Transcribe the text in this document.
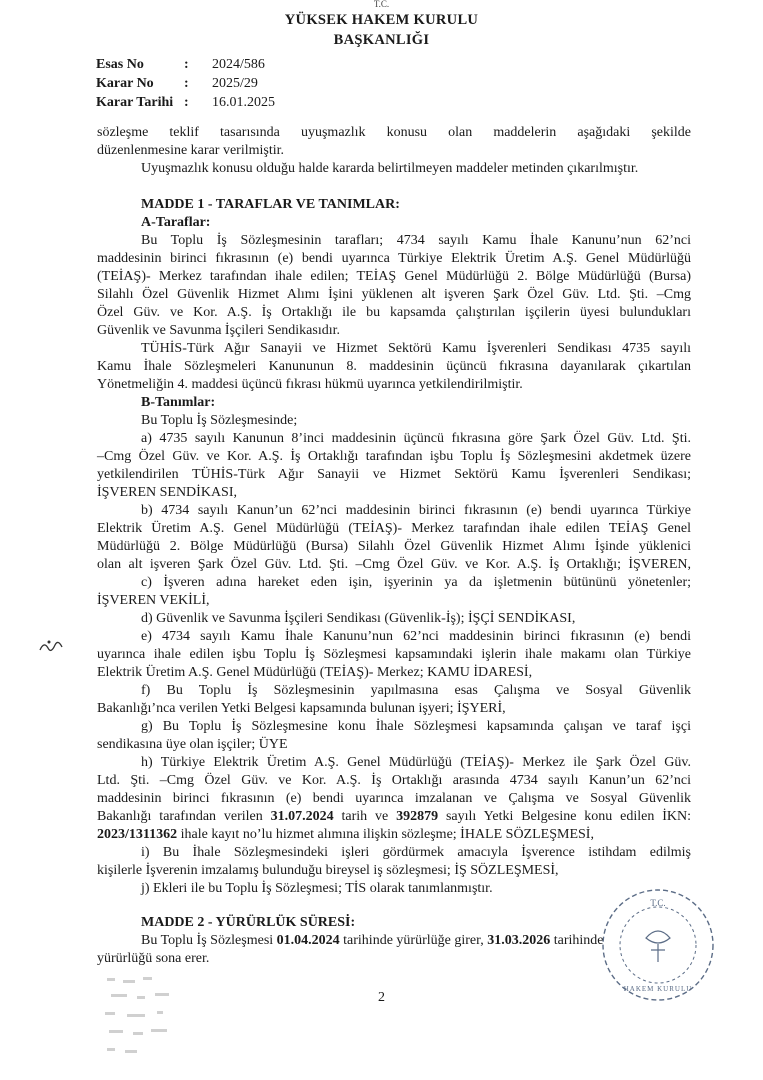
T.C.
YÜKSEK HAKEM KURULU
BAŞKANLIĞI
Esas No	: 2024/586
Karar No : 2025/29
Karar Tarihi : 16.01.2025
sözleşme teklif tasarısında uyuşmazlık konusu olan maddelerin aşağıdaki şekilde
düzenlenmesine karar verilmiştir.
Uyuşmazlık konusu olduğu halde kararda belirtilmeyen maddeler metinden çıkarılmıştır.
MADDE 1 - TARAFLAR VE TANIMLAR:
A-Taraflar:
Bu Toplu İş Sözleşmesinin tarafları; 4734 sayılı Kamu İhale Kanunu’nun 62’nci
maddesinin birinci fıkrasının (e) bendi uyarınca Türkiye Elektrik Üretim A.Ş. Genel Müdürlüğü
(TEİAŞ)- Merkez tarafından ihale edilen; TEİAŞ Genel Müdürlüğü 2. Bölge Müdürlüğü (Bursa)
Silahlı Özel Güvenlik Hizmet Alımı İşini yüklenen alt işveren Şark Özel Güv. Ltd. Şti. –Cmg
Özel Güv. ve Kor. A.Ş. İş Ortaklığı ile bu kapsamda çalıştırılan işçilerin üyesi bulundukları
Güvenlik ve Savunma İşçileri Sendikasıdır.
TÜHİS-Türk Ağır Sanayii ve Hizmet Sektörü Kamu İşverenleri Sendikası 4735 sayılı
Kamu İhale Sözleşmeleri Kanununun 8. maddesinin üçüncü fıkrasına dayanılarak çıkartılan
Yönetmeliğin 4. maddesi üçüncü fıkrası hükmü uyarınca yetkilendirilmiştir.
B-Tanımlar:
Bu Toplu İş Sözleşmesinde;
a) 4735 sayılı Kanunun 8’inci maddesinin üçüncü fıkrasına göre Şark Özel Güv. Ltd. Şti.
–Cmg Özel Güv. ve Kor. A.Ş. İş Ortaklığı tarafından işbu Toplu İş Sözleşmesini akdetmek üzere
yetkilendirilen TÜHİS-Türk Ağır Sanayii ve Hizmet Sektörü Kamu İşverenleri Sendikası;
İŞVEREN SENDİKASI,
b) 4734 sayılı Kanun’un 62’nci maddesinin birinci fıkrasının (e) bendi uyarınca Türkiye
Elektrik Üretim A.Ş. Genel Müdürlüğü (TEİAŞ)- Merkez tarafından ihale edilen TEİAŞ Genel
Müdürlüğü 2. Bölge Müdürlüğü (Bursa) Silahlı Özel Güvenlik Hizmet Alımı İşinde yüklenici
olan alt işveren Şark Özel Güv. Ltd. Şti. –Cmg Özel Güv. ve Kor. A.Ş. İş Ortaklığı; İŞVEREN,
c) İşveren adına hareket eden işin, işyerinin ya da işletmenin bütününü yönetenler;
İŞVEREN VEKİLİ,
d) Güvenlik ve Savunma İşçileri Sendikası (Güvenlik-İş); İŞÇİ SENDİKASI,
e) 4734 sayılı Kamu İhale Kanunu’nun 62’nci maddesinin birinci fıkrasının (e) bendi
uyarınca ihale edilen işbu Toplu İş Sözleşmesi kapsamındaki işlerin ihale makamı olan Türkiye
Elektrik Üretim A.Ş. Genel Müdürlüğü (TEİAŞ)- Merkez; KAMU İDARESİ,
f) Bu Toplu İş Sözleşmesinin yapılmasına esas Çalışma ve Sosyal Güvenlik
Bakanlığı’nca verilen Yetki Belgesi kapsamında bulunan işyeri; İŞYERİ,
g) Bu Toplu İş Sözleşmesine konu İhale Sözleşmesi kapsamında çalışan ve taraf işçi
sendikasına üye olan işçiler; ÜYE
h) Türkiye Elektrik Üretim A.Ş. Genel Müdürlüğü (TEİAŞ)- Merkez ile Şark Özel Güv.
Ltd. Şti. –Cmg Özel Güv. ve Kor. A.Ş. İş Ortaklığı arasında 4734 sayılı Kanun’un 62’nci
maddesinin birinci fıkrasının (e) bendi uyarınca imzalanan ve Çalışma ve Sosyal Güvenlik
Bakanlığı tarafından verilen 31.07.2024 tarih ve 392879 sayılı Yetki Belgesine konu edilen İKN:
2023/1311362 ihale kayıt no’lu hizmet alımına ilişkin sözleşme; İHALE SÖZLEŞMESİ,
i) Bu İhale Sözleşmesindeki işleri gördürmek amacıyla İşverence istihdam edilmiş
kişilerle İşverenin imzalamış bulunduğu bireysel iş sözleşmesi; İŞ SÖZLEŞMESİ,
j) Ekleri ile bu Toplu İş Sözleşmesi; TİS olarak tanımlanmıştır.
MADDE 2 - YÜRÜRLÜK SÜRESİ:
Bu Toplu İş Sözleşmesi 01.04.2024 tarihinde yürürlüğe girer, 31.03.2026 tarihinde
yürürlüğü sona erer.
2
T.C.
HAKEM KURULU
